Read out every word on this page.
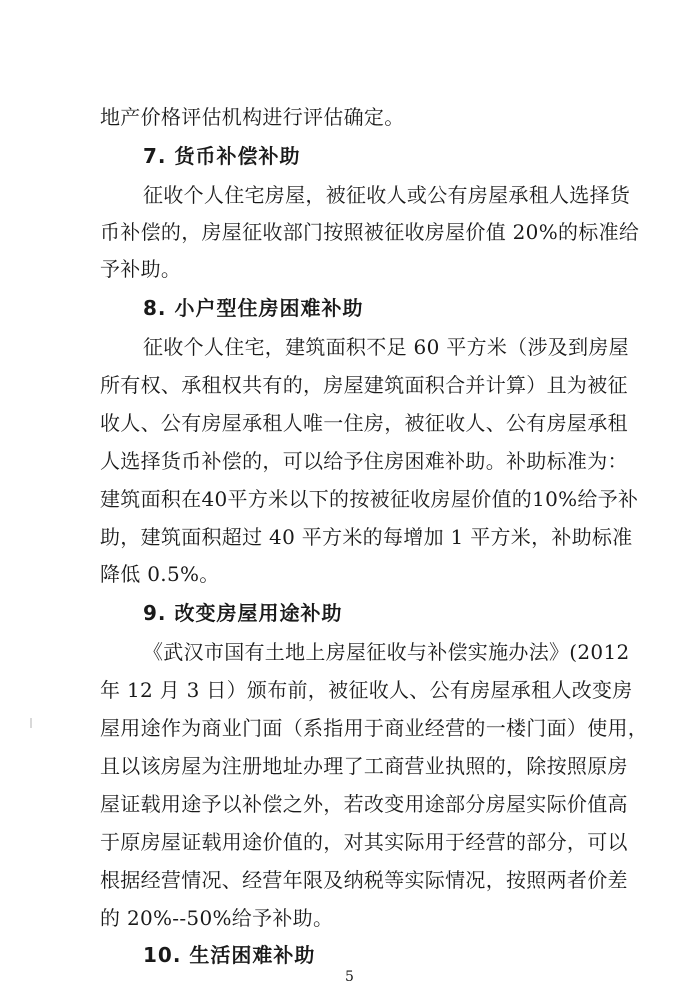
地产价格评估机构进行评估确定。
7. 货币补偿补助
征收个人住宅房屋，被征收人或公有房屋承租人选择货
币补偿的，房屋征收部门按照被征收房屋价值 20%的标准给
予补助。
8. 小户型住房困难补助
征收个人住宅，建筑面积不足 60 平方米（涉及到房屋
所有权、承租权共有的，房屋建筑面积合并计算）且为被征
收人、公有房屋承租人唯一住房，被征收人、公有房屋承租
人选择货币补偿的，可以给予住房困难补助。补助标准为：
建筑面积在40平方米以下的按被征收房屋价值的10%给予补
助，建筑面积超过 40 平方米的每增加 1 平方米，补助标准
降低 0.5%。
9. 改变房屋用途补助
《武汉市国有土地上房屋征收与补偿实施办法》(2012
年 12 月 3 日）颁布前，被征收人、公有房屋承租人改变房
屋用途作为商业门面（系指用于商业经营的一楼门面）使用，
且以该房屋为注册地址办理了工商营业执照的，除按照原房
屋证载用途予以补偿之外，若改变用途部分房屋实际价值高
于原房屋证载用途价值的，对其实际用于经营的部分，可以
根据经营情况、经营年限及纳税等实际情况，按照两者价差
的 20%--50%给予补助。
10. 生活困难补助
5
